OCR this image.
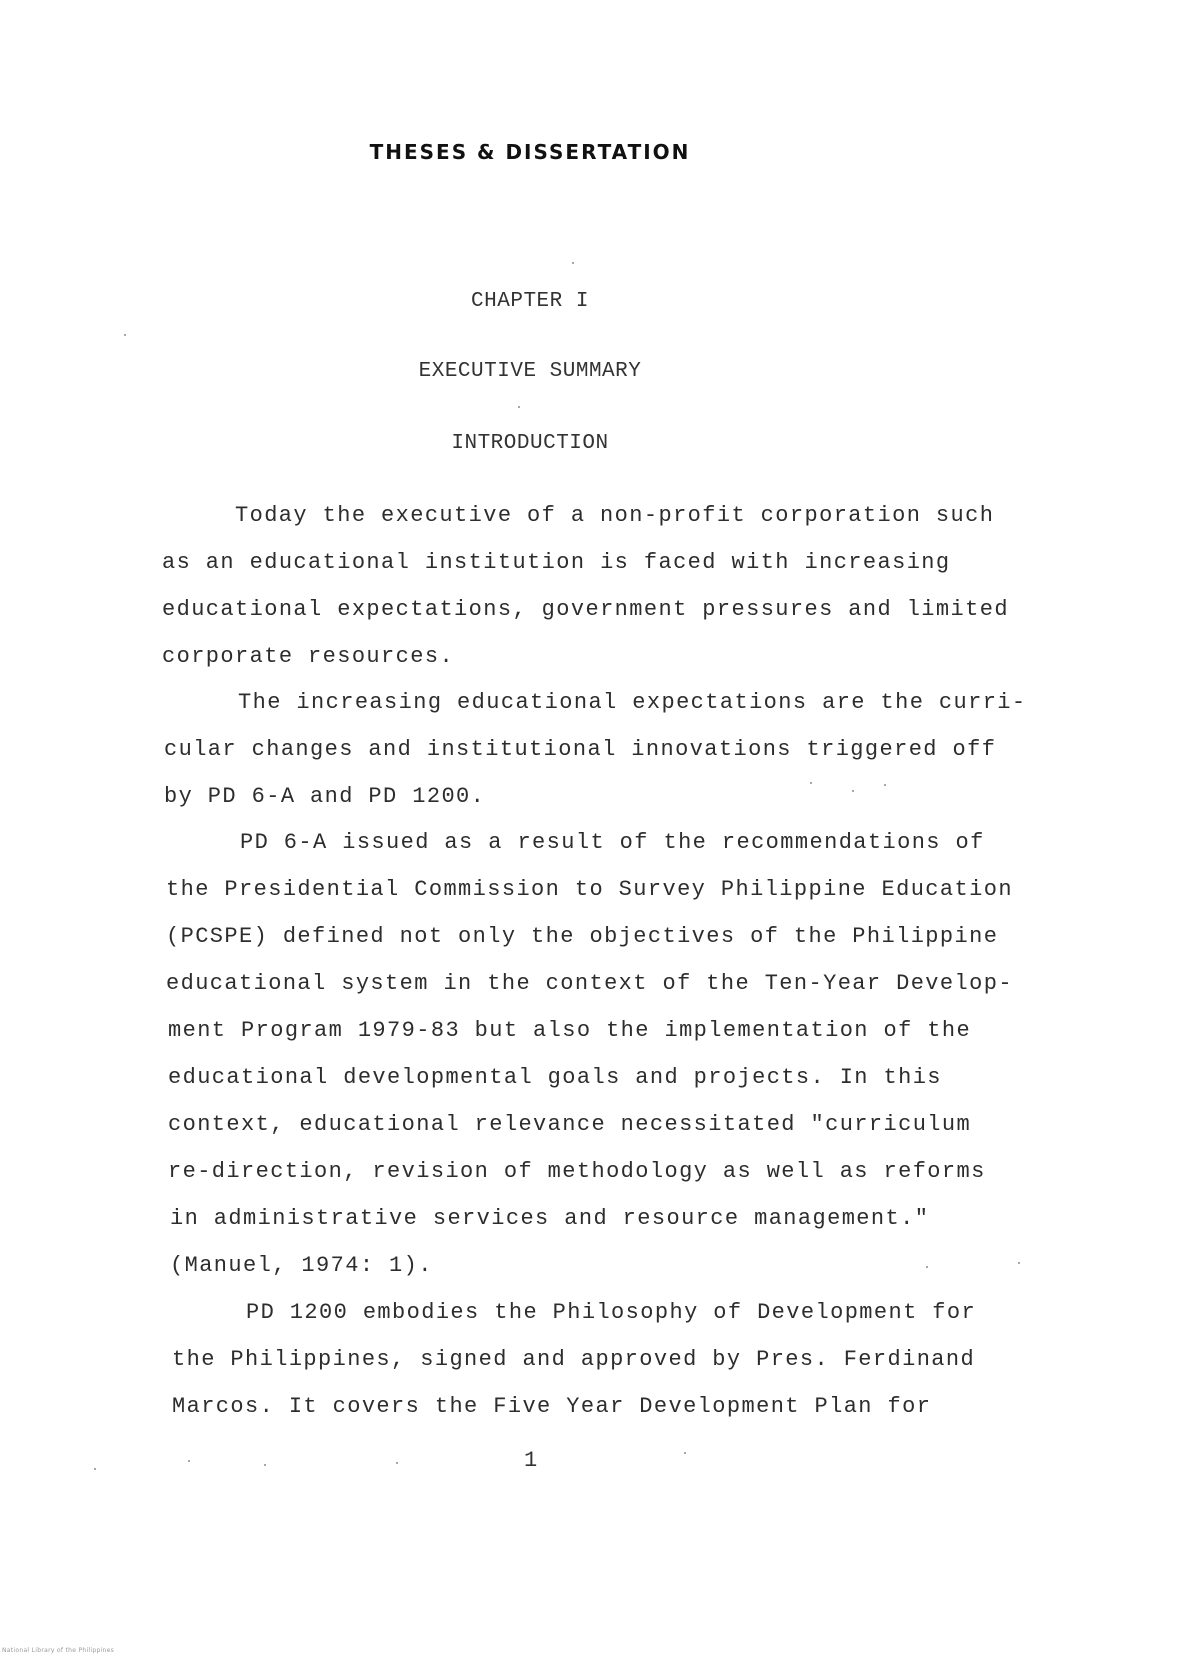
THESES & DISSERTATION
CHAPTER I
EXECUTIVE SUMMARY
INTRODUCTION
Today the executive of a non-profit corporation such
as an educational institution is faced with increasing
educational expectations, government pressures and limited
corporate resources.
The increasing educational expectations are the curri-
cular changes and institutional innovations triggered off
by PD 6-A and PD 1200.
PD 6-A issued as a result of the recommendations of
the Presidential Commission to Survey Philippine Education
(PCSPE) defined not only the objectives of the Philippine
educational system in the context of the Ten-Year Develop-
ment Program 1979-83 but also the implementation of the
educational developmental goals and projects. In this
context, educational relevance necessitated "curriculum
re-direction, revision of methodology as well as reforms
in administrative services and resource management."
(Manuel, 1974: 1).
PD 1200 embodies the Philosophy of Development for
the Philippines, signed and approved by Pres. Ferdinand
Marcos. It covers the Five Year Development Plan for
1
National Library of the Philippines
